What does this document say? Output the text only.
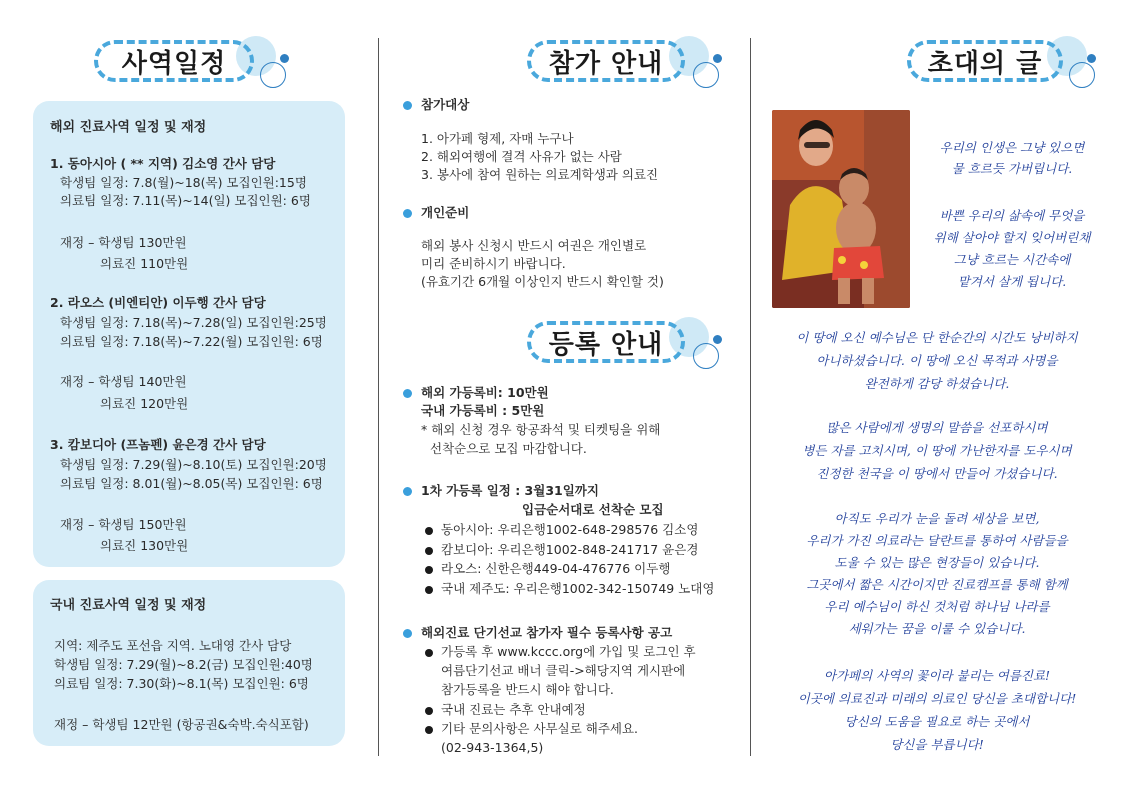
사역일정
해외 진료사역 일정 및 재정
1. 동아시아 ( ** 지역) 김소영 간사 담당
학생팀 일정: 7.8(월)~18(목) 모집인원:15명
의료팀 일정: 7.11(목)~14(일) 모집인원: 6명
재정 – 학생팀 130만원
의료진 110만원
2. 라오스 (비엔티안) 이두행 간사 담당
학생팀 일정: 7.18(목)~7.28(일) 모집인원:25명
의료팀 일정: 7.18(목)~7.22(월) 모집인원: 6명
재정 – 학생팀 140만원
의료진 120만원
3. 캄보디아 (프놈펜) 윤은경 간사 담당
학생팀 일정: 7.29(월)~8.10(토) 모집인원:20명
의료팀 일정: 8.01(월)~8.05(목) 모집인원: 6명
재정 – 학생팀 150만원
의료진 130만원
국내 진료사역 일정 및 재정
지역: 제주도 포선읍 지역. 노대영 간사 담당
학생팀 일정: 7.29(월)~8.2(금) 모집인원:40명
의료팀 일정: 7.30(화)~8.1(목) 모집인원: 6명
재정 – 학생팀 12만원 (항공권&숙박.숙식포함)
참가 안내
참가대상
1. 아가페 형제, 자매 누구나
2. 해외여행에 결격 사유가 없는 사람
3. 봉사에 참여 원하는 의료계학생과 의료진
개인준비
해외 봉사 신청시 반드시 여권은 개인별로
미리 준비하시기 바랍니다.
(유효기간 6개월 이상인지 반드시 확인할 것)
등록 안내
해외 가등록비: 10만원
국내 가등록비 : 5만원
* 해외 신청 경우 항공좌석 및 티켓팅을 위해
선착순으로 모집 마감합니다.
1차 가등록 일정 : 3월31일까지
입금순서대로 선착순 모집
동아시아: 우리은행1002-648-298576 김소영
캄보디아: 우리은행1002-848-241717 윤은경
라오스: 신한은행449-04-476776 이두행
국내 제주도: 우리은행1002-342-150749 노대영
해외진료 단기선교 참가자 필수 등록사항 공고
가등록 후 www.kccc.org에 가입 및 로그인 후
여름단기선교 배너 클릭->해당지역 게시판에
참가등록을 반드시 해야 합니다.
국내 진료는 추후 안내예정
기타 문의사항은 사무실로 해주세요.
(02-943-1364,5)
초대의 글
우리의 인생은 그냥 있으면
물 흐르듯 가버립니다.
바쁜 우리의 삶속에 무엇을
위해 살아야 할지 잊어버린채
그냥 흐르는 시간속에
맡겨서 살게 됩니다.
이 땅에 오신 예수님은 단 한순간의 시간도 낭비하지
아니하셨습니다. 이 땅에 오신 목적과 사명을
완전하게 감당 하셨습니다.
많은 사람에게 생명의 말씀을 선포하시며
병든 자를 고치시며, 이 땅에 가난한자를 도우시며
진정한 천국을 이 땅에서 만들어 가셨습니다.
아직도 우리가 눈을 돌려 세상을 보면,
우리가 가진 의료라는 달란트를 통하여 사람들을
도울 수 있는 많은 현장들이 있습니다.
그곳에서 짧은 시간이지만 진료캠프를 통해 함께
우리 예수님이 하신 것처럼 하나님 나라를
세워가는 꿈을 이룰 수 있습니다.
아가페의 사역의 꽃이라 불리는 여름진료!
이곳에 의료진과 미래의 의료인 당신을 초대합니다!
당신의 도움을 필요로 하는 곳에서
당신을 부릅니다!
